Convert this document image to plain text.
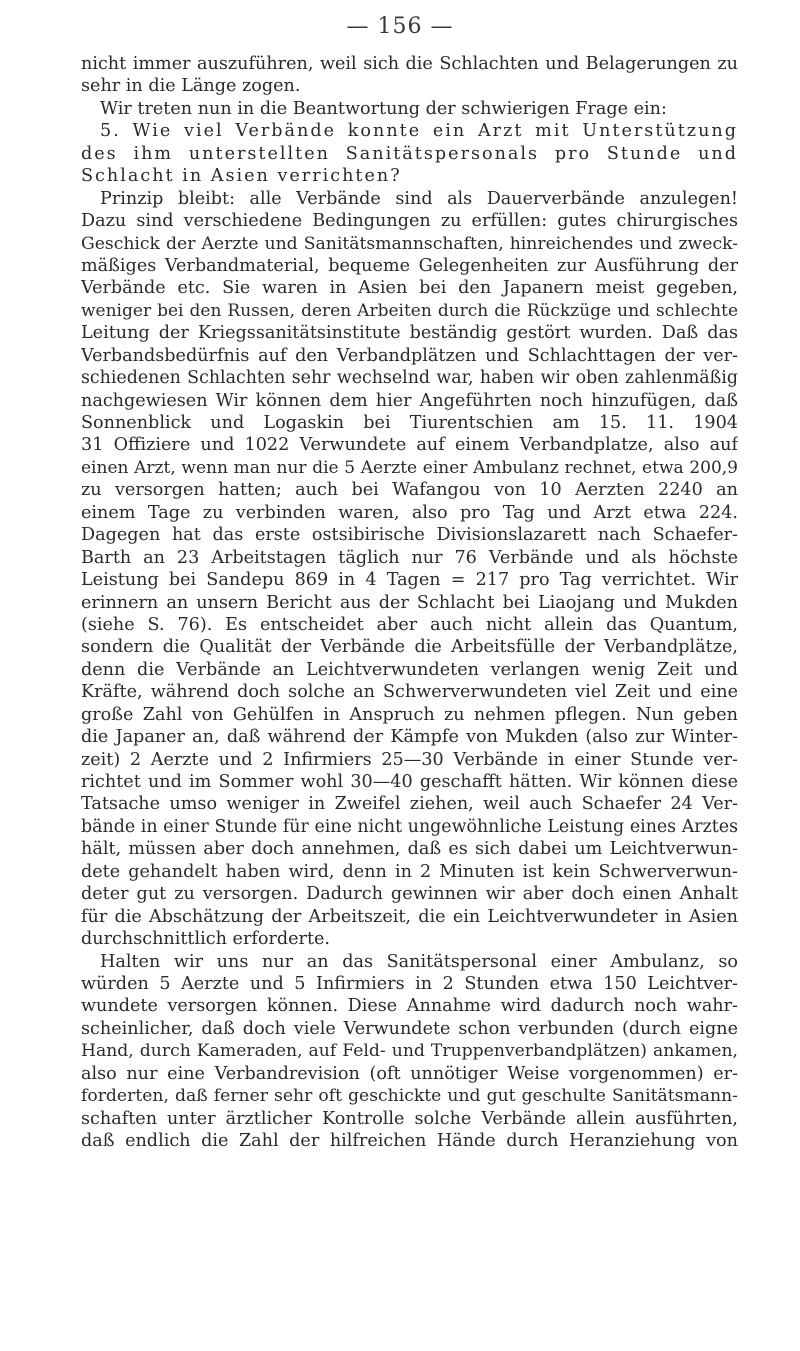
— 156 —
nicht immer auszuführen, weil sich die Schlachten und Belagerungen zu
sehr in die Länge zogen.
Wir treten nun in die Beantwortung der schwierigen Frage ein:
5. Wie viel Verbände konnte ein Arzt mit Unterstützung
des ihm unterstellten Sanitätspersonals pro Stunde und
Schlacht in Asien verrichten?
Prinzip bleibt: alle Verbände sind als Dauerverbände anzulegen!
Dazu sind verschiedene Bedingungen zu erfüllen: gutes chirurgisches
Geschick der Aerzte und Sanitätsmannschaften, hinreichendes und zweck-
mäßiges Verbandmaterial, bequeme Gelegenheiten zur Ausführung der
Verbände etc. Sie waren in Asien bei den Japanern meist gegeben,
weniger bei den Russen, deren Arbeiten durch die Rückzüge und schlechte
Leitung der Kriegssanitätsinstitute beständig gestört wurden. Daß das
Verbandsbedürfnis auf den Verbandplätzen und Schlachttagen der ver-
schiedenen Schlachten sehr wechselnd war, haben wir oben zahlenmäßig
nachgewiesen Wir können dem hier Angeführten noch hinzufügen, daß
Sonnenblick und Logaskin bei Tiurentschien am 15. 11. 1904
31 Offiziere und 1022 Verwundete auf einem Verbandplatze, also auf
einen Arzt, wenn man nur die 5 Aerzte einer Ambulanz rechnet, etwa 200,9
zu versorgen hatten; auch bei Wafangou von 10 Aerzten 2240 an
einem Tage zu verbinden waren, also pro Tag und Arzt etwa 224.
Dagegen hat das erste ostsibirische Divisionslazarett nach Schaefer-
Barth an 23 Arbeitstagen täglich nur 76 Verbände und als höchste
Leistung bei Sandepu 869 in 4 Tagen = 217 pro Tag verrichtet. Wir
erinnern an unsern Bericht aus der Schlacht bei Liaojang und Mukden
(siehe S. 76). Es entscheidet aber auch nicht allein das Quantum,
sondern die Qualität der Verbände die Arbeitsfülle der Verbandplätze,
denn die Verbände an Leichtverwundeten verlangen wenig Zeit und
Kräfte, während doch solche an Schwerverwundeten viel Zeit und eine
große Zahl von Gehülfen in Anspruch zu nehmen pflegen. Nun geben
die Japaner an, daß während der Kämpfe von Mukden (also zur Winter-
zeit) 2 Aerzte und 2 Infirmiers 25—30 Verbände in einer Stunde ver-
richtet und im Sommer wohl 30—40 geschafft hätten. Wir können diese
Tatsache umso weniger in Zweifel ziehen, weil auch Schaefer 24 Ver-
bände in einer Stunde für eine nicht ungewöhnliche Leistung eines Arztes
hält, müssen aber doch annehmen, daß es sich dabei um Leichtverwun-
dete gehandelt haben wird, denn in 2 Minuten ist kein Schwerverwun-
deter gut zu versorgen. Dadurch gewinnen wir aber doch einen Anhalt
für die Abschätzung der Arbeitszeit, die ein Leichtverwundeter in Asien
durchschnittlich erforderte.
Halten wir uns nur an das Sanitätspersonal einer Ambulanz, so
würden 5 Aerzte und 5 Infirmiers in 2 Stunden etwa 150 Leichtver-
wundete versorgen können. Diese Annahme wird dadurch noch wahr-
scheinlicher, daß doch viele Verwundete schon verbunden (durch eigne
Hand, durch Kameraden, auf Feld- und Truppenverbandplätzen) ankamen,
also nur eine Verbandrevision (oft unnötiger Weise vorgenommen) er-
forderten, daß ferner sehr oft geschickte und gut geschulte Sanitätsmann-
schaften unter ärztlicher Kontrolle solche Verbände allein ausführten,
daß endlich die Zahl der hilfreichen Hände durch Heranziehung von
